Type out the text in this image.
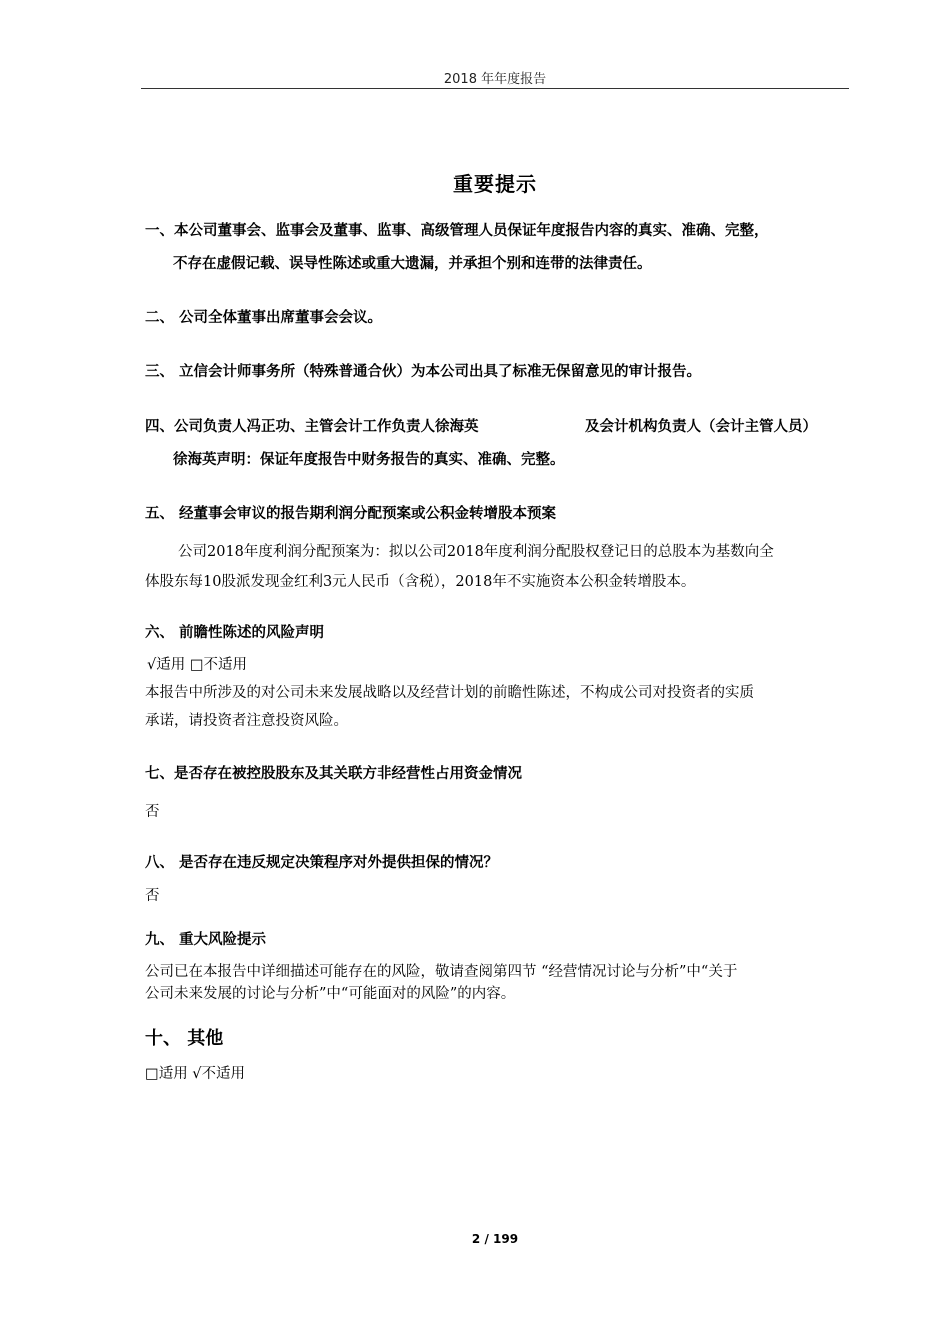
2018 年年度报告
重要提示
一、本公司董事会、监事会及董事、监事、高级管理人员保证年度报告内容的真实、准确、完整，
不存在虚假记载、误导性陈述或重大遗漏，并承担个别和连带的法律责任。
二、 公司全体董事出席董事会会议。
三、 立信会计师事务所（特殊普通合伙）为本公司出具了标准无保留意见的审计报告。
四、公司负责人冯正功、主管会计工作负责人徐海英	及会计机构负责人（会计主管人员）
徐海英声明：保证年度报告中财务报告的真实、准确、完整。
五、 经董事会审议的报告期利润分配预案或公积金转增股本预案
公司2018年度利润分配预案为：拟以公司2018年度利润分配股权登记日的总股本为基数向全
体股东每10股派发现金红利3元人民币（含税），2018年不实施资本公积金转增股本。
六、 前瞻性陈述的风险声明
√适用 □不适用
本报告中所涉及的对公司未来发展战略以及经营计划的前瞻性陈述，不构成公司对投资者的实质
承诺，请投资者注意投资风险。
七、是否存在被控股股东及其关联方非经营性占用资金情况
否
八、 是否存在违反规定决策程序对外提供担保的情况？
否
九、 重大风险提示
公司已在本报告中详细描述可能存在的风险，敬请查阅第四节 “经营情况讨论与分析”中“关于
公司未来发展的讨论与分析”中“可能面对的风险”的内容。
十、 其他
□适用 √不适用
2 / 199
